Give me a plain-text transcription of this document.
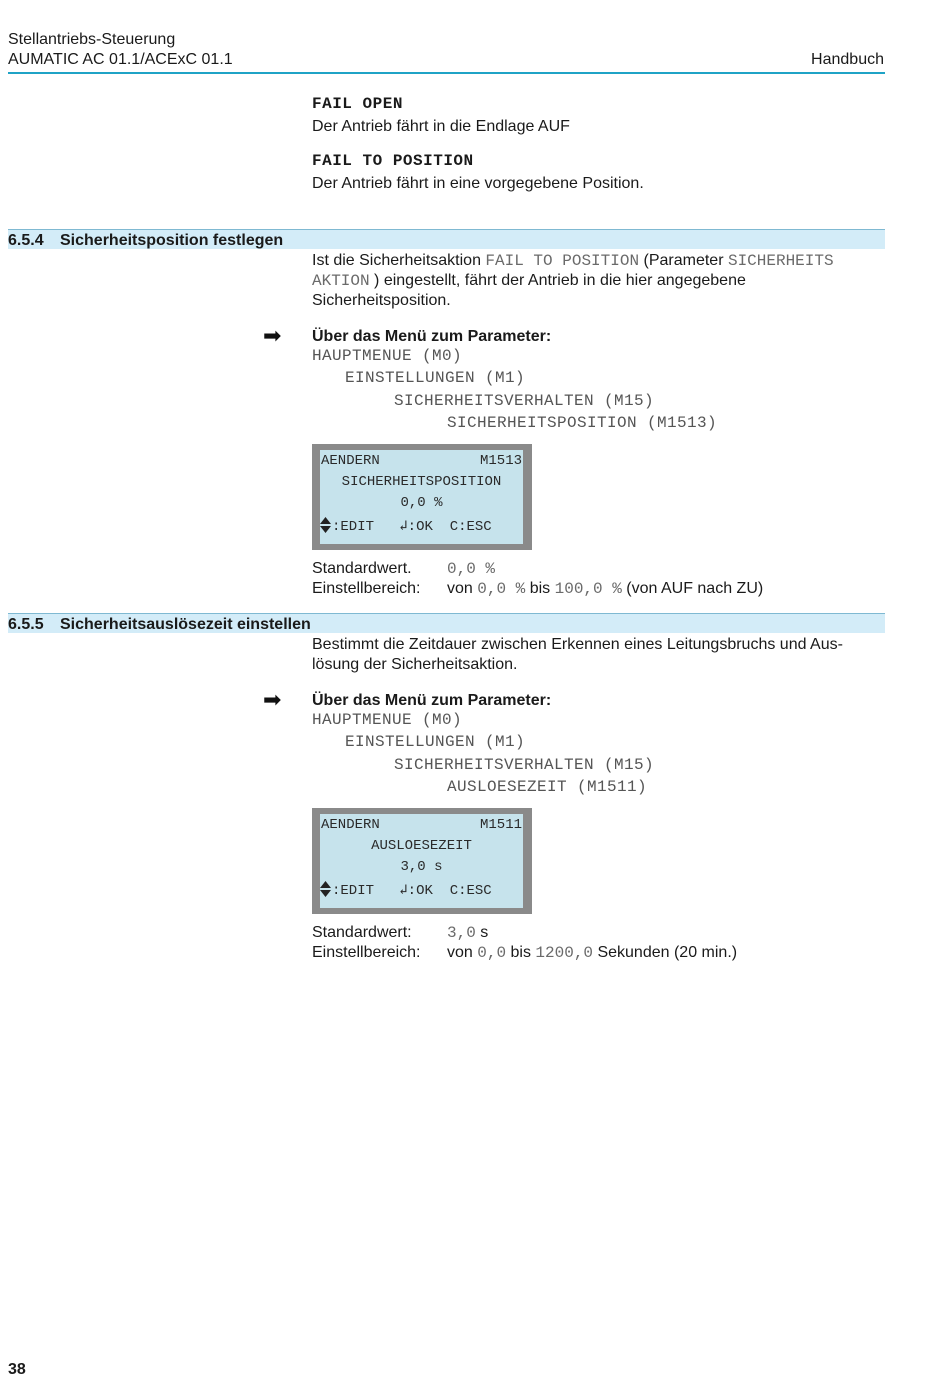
Stellantriebs-Steuerung
AUMATIC AC 01.1/ACExC 01.1	Handbuch
FAIL OPEN
Der Antrieb fährt in die Endlage AUF
FAIL TO POSITION
Der Antrieb fährt in eine vorgegebene Position.
6.5.4 Sicherheitsposition festlegen
Ist die Sicherheitsaktion FAIL TO POSITION (Parameter SICHERHEITS
AKTION ) eingestellt, fährt der Antrieb in die hier angegebene
Sicherheitsposition.
➡ Über das Menü zum Parameter:
HAUPTMENUE (M0)
EINSTELLUNGEN (M1)
SICHERHEITSVERHALTEN (M15)
SICHERHEITSPOSITION (M1513)
AENDERN	M1513
SICHERHEITSPOSITION
0,0 %
:EDIT ↲:OK C:ESC
Standardwert. 0,0 %
Einstellbereich: von 0,0 % bis 100,0 % (von AUF nach ZU)
6.5.5 Sicherheitsauslösezeit einstellen
Bestimmt die Zeitdauer zwischen Erkennen eines Leitungsbruchs und Aus-
lösung der Sicherheitsaktion.
➡ Über das Menü zum Parameter:
HAUPTMENUE (M0)
EINSTELLUNGEN (M1)
SICHERHEITSVERHALTEN (M15)
AUSLOESEZEIT (M1511)
AENDERN	M1511
AUSLOESEZEIT
3,0 s
:EDIT ↲:OK C:ESC
Standardwert: 3,0 s
Einstellbereich: von 0,0 bis 1200,0 Sekunden (20 min.)
38
